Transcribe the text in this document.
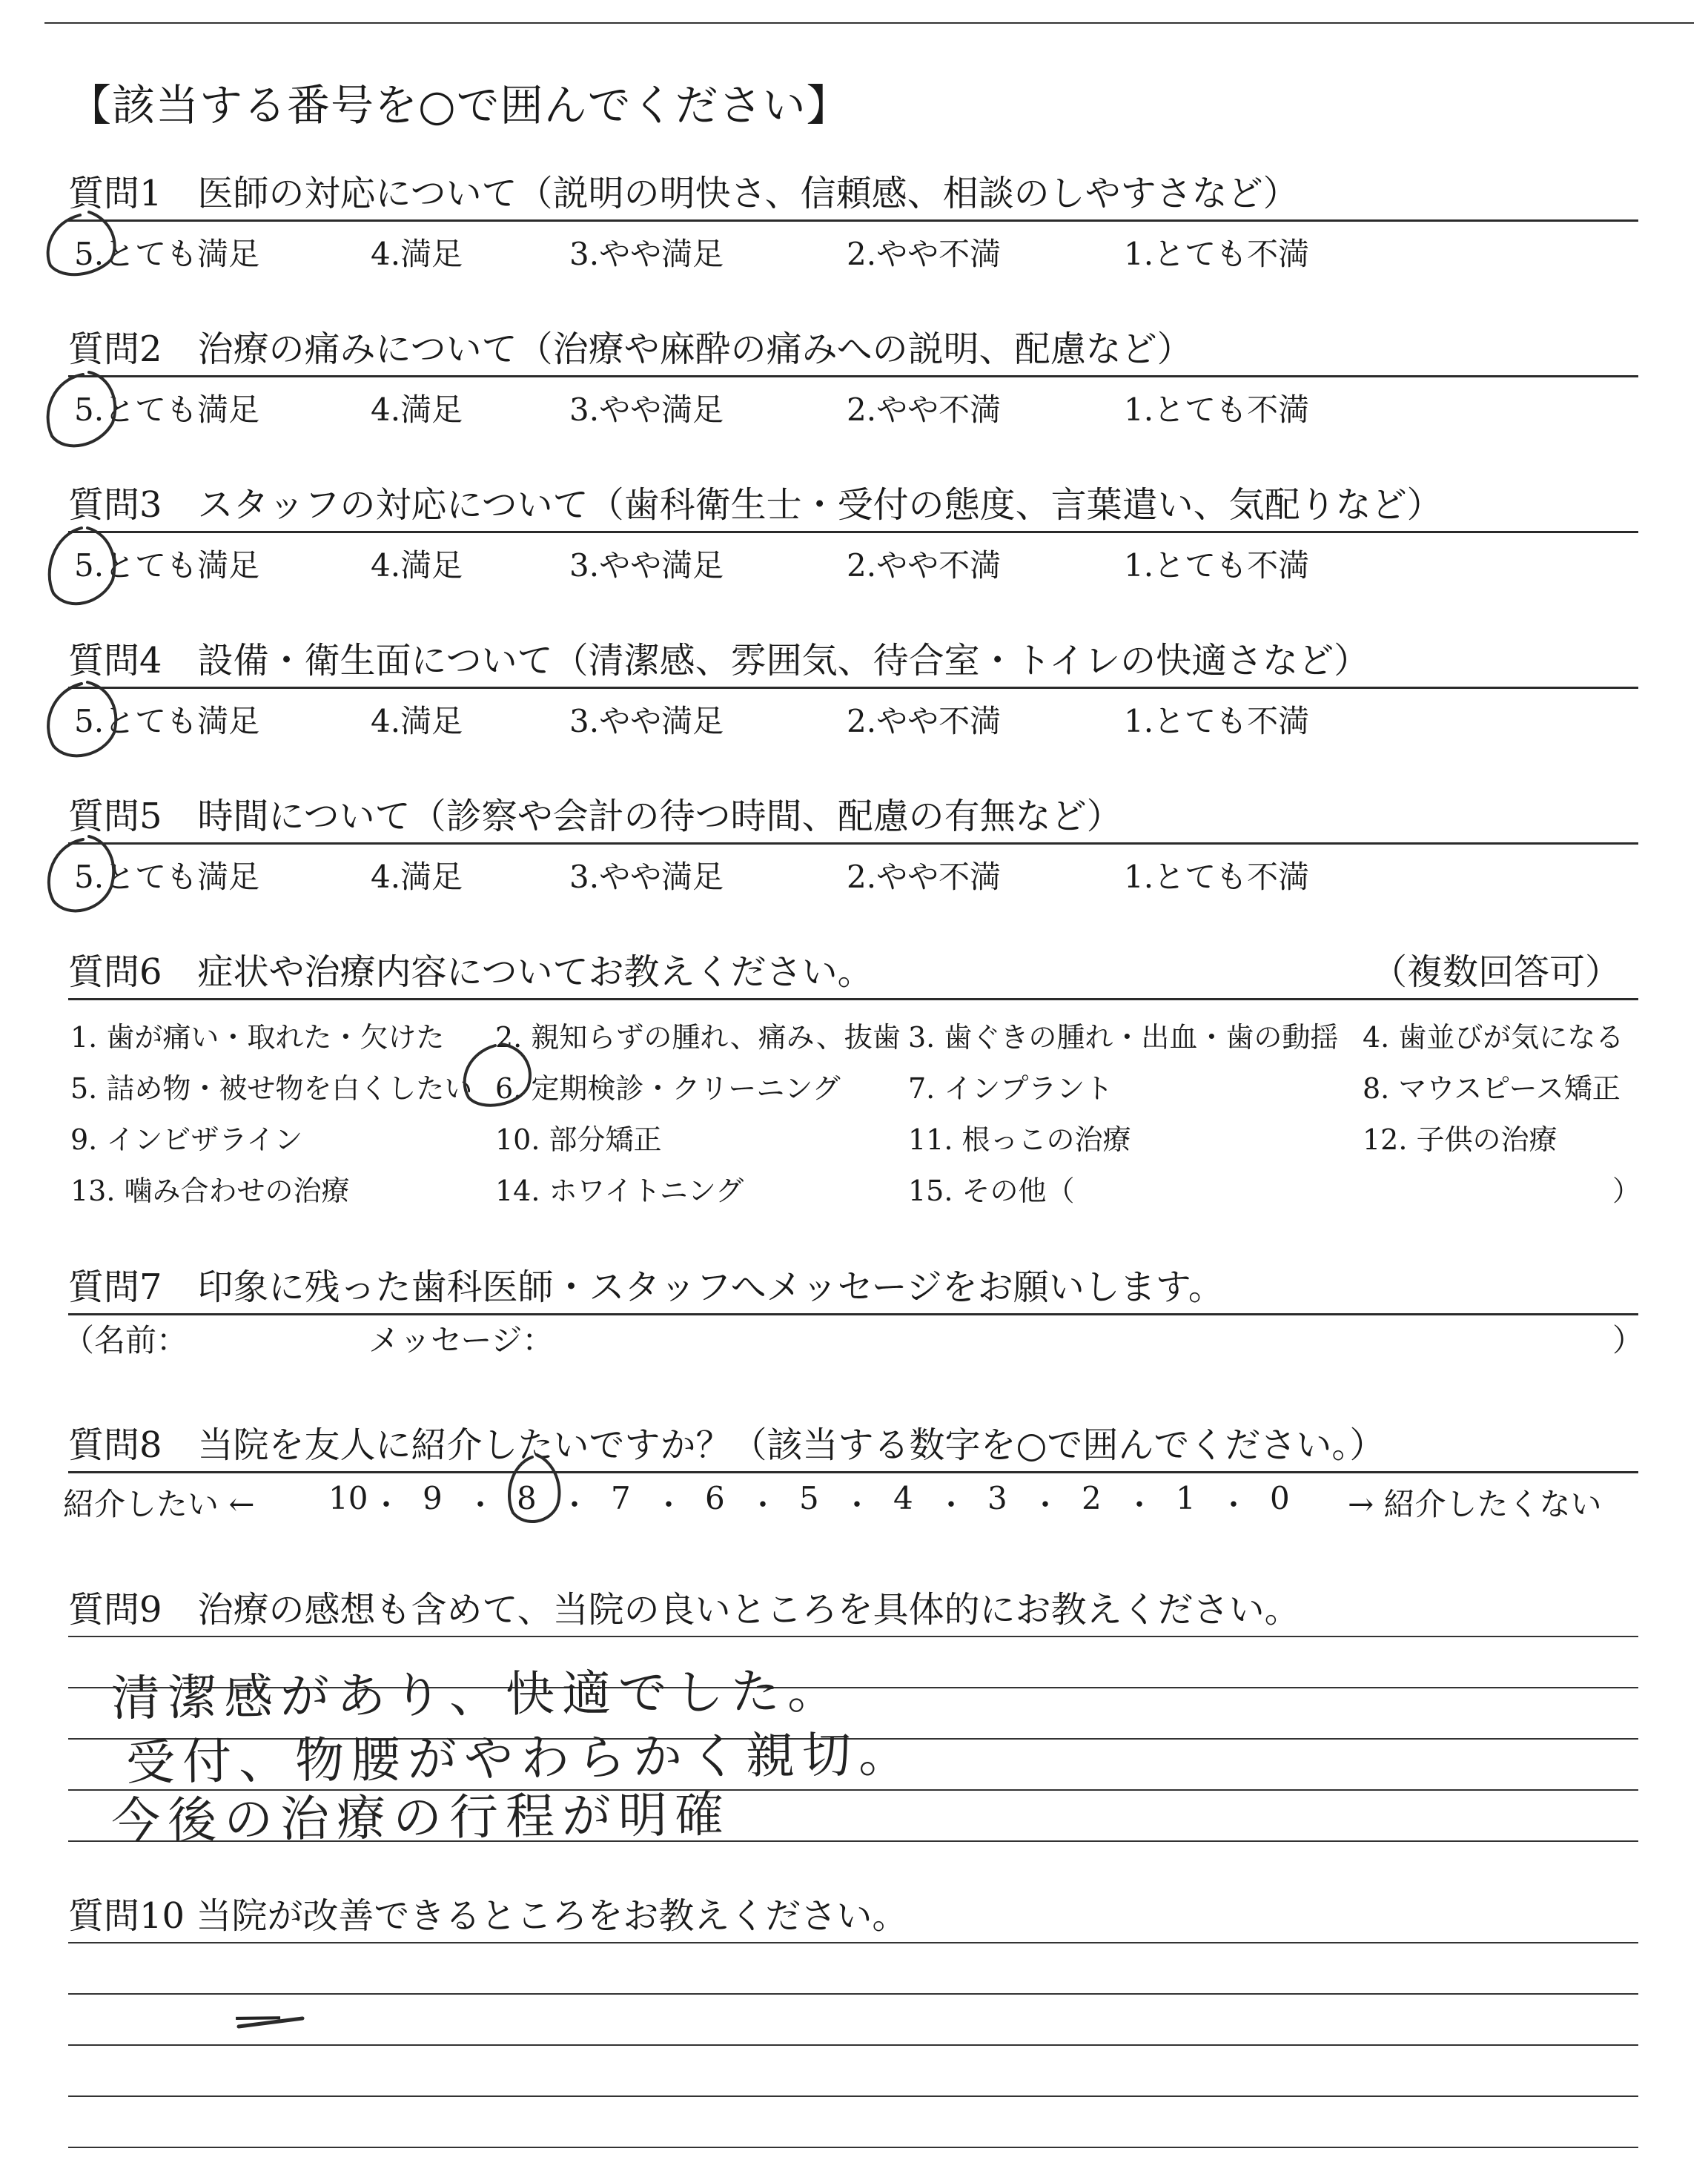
【該当する番号を○で囲んでください】
質問1　医師の対応について（説明の明快さ、信頼感、相談のしやすさなど）
5.とても満足	4.満足	3.やや満足	2.やや不満	1.とても不満
質問2　治療の痛みについて（治療や麻酔の痛みへの説明、配慮など）
5.とても満足	4.満足	3.やや満足	2.やや不満	1.とても不満
質問3　スタッフの対応について（歯科衛生士・受付の態度、言葉遣い、気配りなど）
5.とても満足	4.満足	3.やや満足	2.やや不満	1.とても不満
質問4　設備・衛生面について（清潔感、雰囲気、待合室・トイレの快適さなど）
5.とても満足	4.満足	3.やや満足	2.やや不満	1.とても不満
質問5　時間について（診察や会計の待つ時間、配慮の有無など）
5.とても満足	4.満足	3.やや満足	2.やや不満	1.とても不満
質問6　症状や治療内容についてお教えください。	（複数回答可）
1. 歯が痛い・取れた・欠けた 2. 親知らずの腫れ、痛み、抜歯 3. 歯ぐきの腫れ・出血・歯の動揺 4. 歯並びが気になる
5. 詰め物・被せ物を白くしたい 6. 定期検診・クリーニング 7. インプラント	8. マウスピース矯正
9. インビザライン	10. 部分矯正	11. 根っこの治療	12. 子供の治療
13. 噛み合わせの治療	14. ホワイトニング	15. その他（	）
質問7　印象に残った歯科医師・スタッフへメッセージをお願いします。
（名前：	メッセージ：	）
質問8　当院を友人に紹介したいですか？（該当する数字を○で囲んでください。）
紹介したい ← 10 ・ 9 ・ 8 ・ 7 ・ 6 ・ 5 ・ 4 ・ 3 ・ 2 ・ 1 ・ 0 → 紹介したくない
質問9　治療の感想も含めて、当院の良いところを具体的にお教えください。
清潔感があり、快適でした。
受付、物腰がやわらかく親切。
今後の治療の行程が明確
質問10 当院が改善できるところをお教えください。
―
